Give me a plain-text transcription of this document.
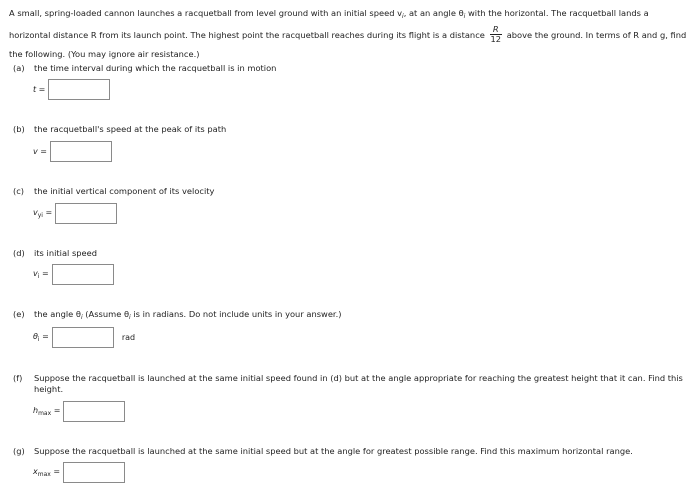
A small, spring-loaded cannon launches a racquetball from level ground with an initial speed $v_i$, at an angle $\theta_i$ with the horizontal. The racquetball lands a
horizontal distance R from its launch point. The highest point the racquetball reaches during its flight is a distance $\frac{R}{12}$ above the ground. In terms of R and g, find
the following. (You may ignore air resistance.)
(a) the time interval during which the racquetball is in motion
t =
(b) the racquetball's speed at the peak of its path
v =
(c) the initial vertical component of its velocity
$v_{yi}$ =
(d) its initial speed
$v_i$ =
(e) the angle $\theta_i$ (Assume $\theta_i$ is in radians. Do not include units in your answer.)
$\theta_i$ =	rad
(f)	Suppose the racquetball is launched at the same initial speed found in (d) but at the angle appropriate for reaching the greatest height that it can. Find this height.
$h_{max}$ =
(g) Suppose the racquetball is launched at the same initial speed but at the angle for greatest possible range. Find this maximum horizontal range.
$x_{max}$ =
